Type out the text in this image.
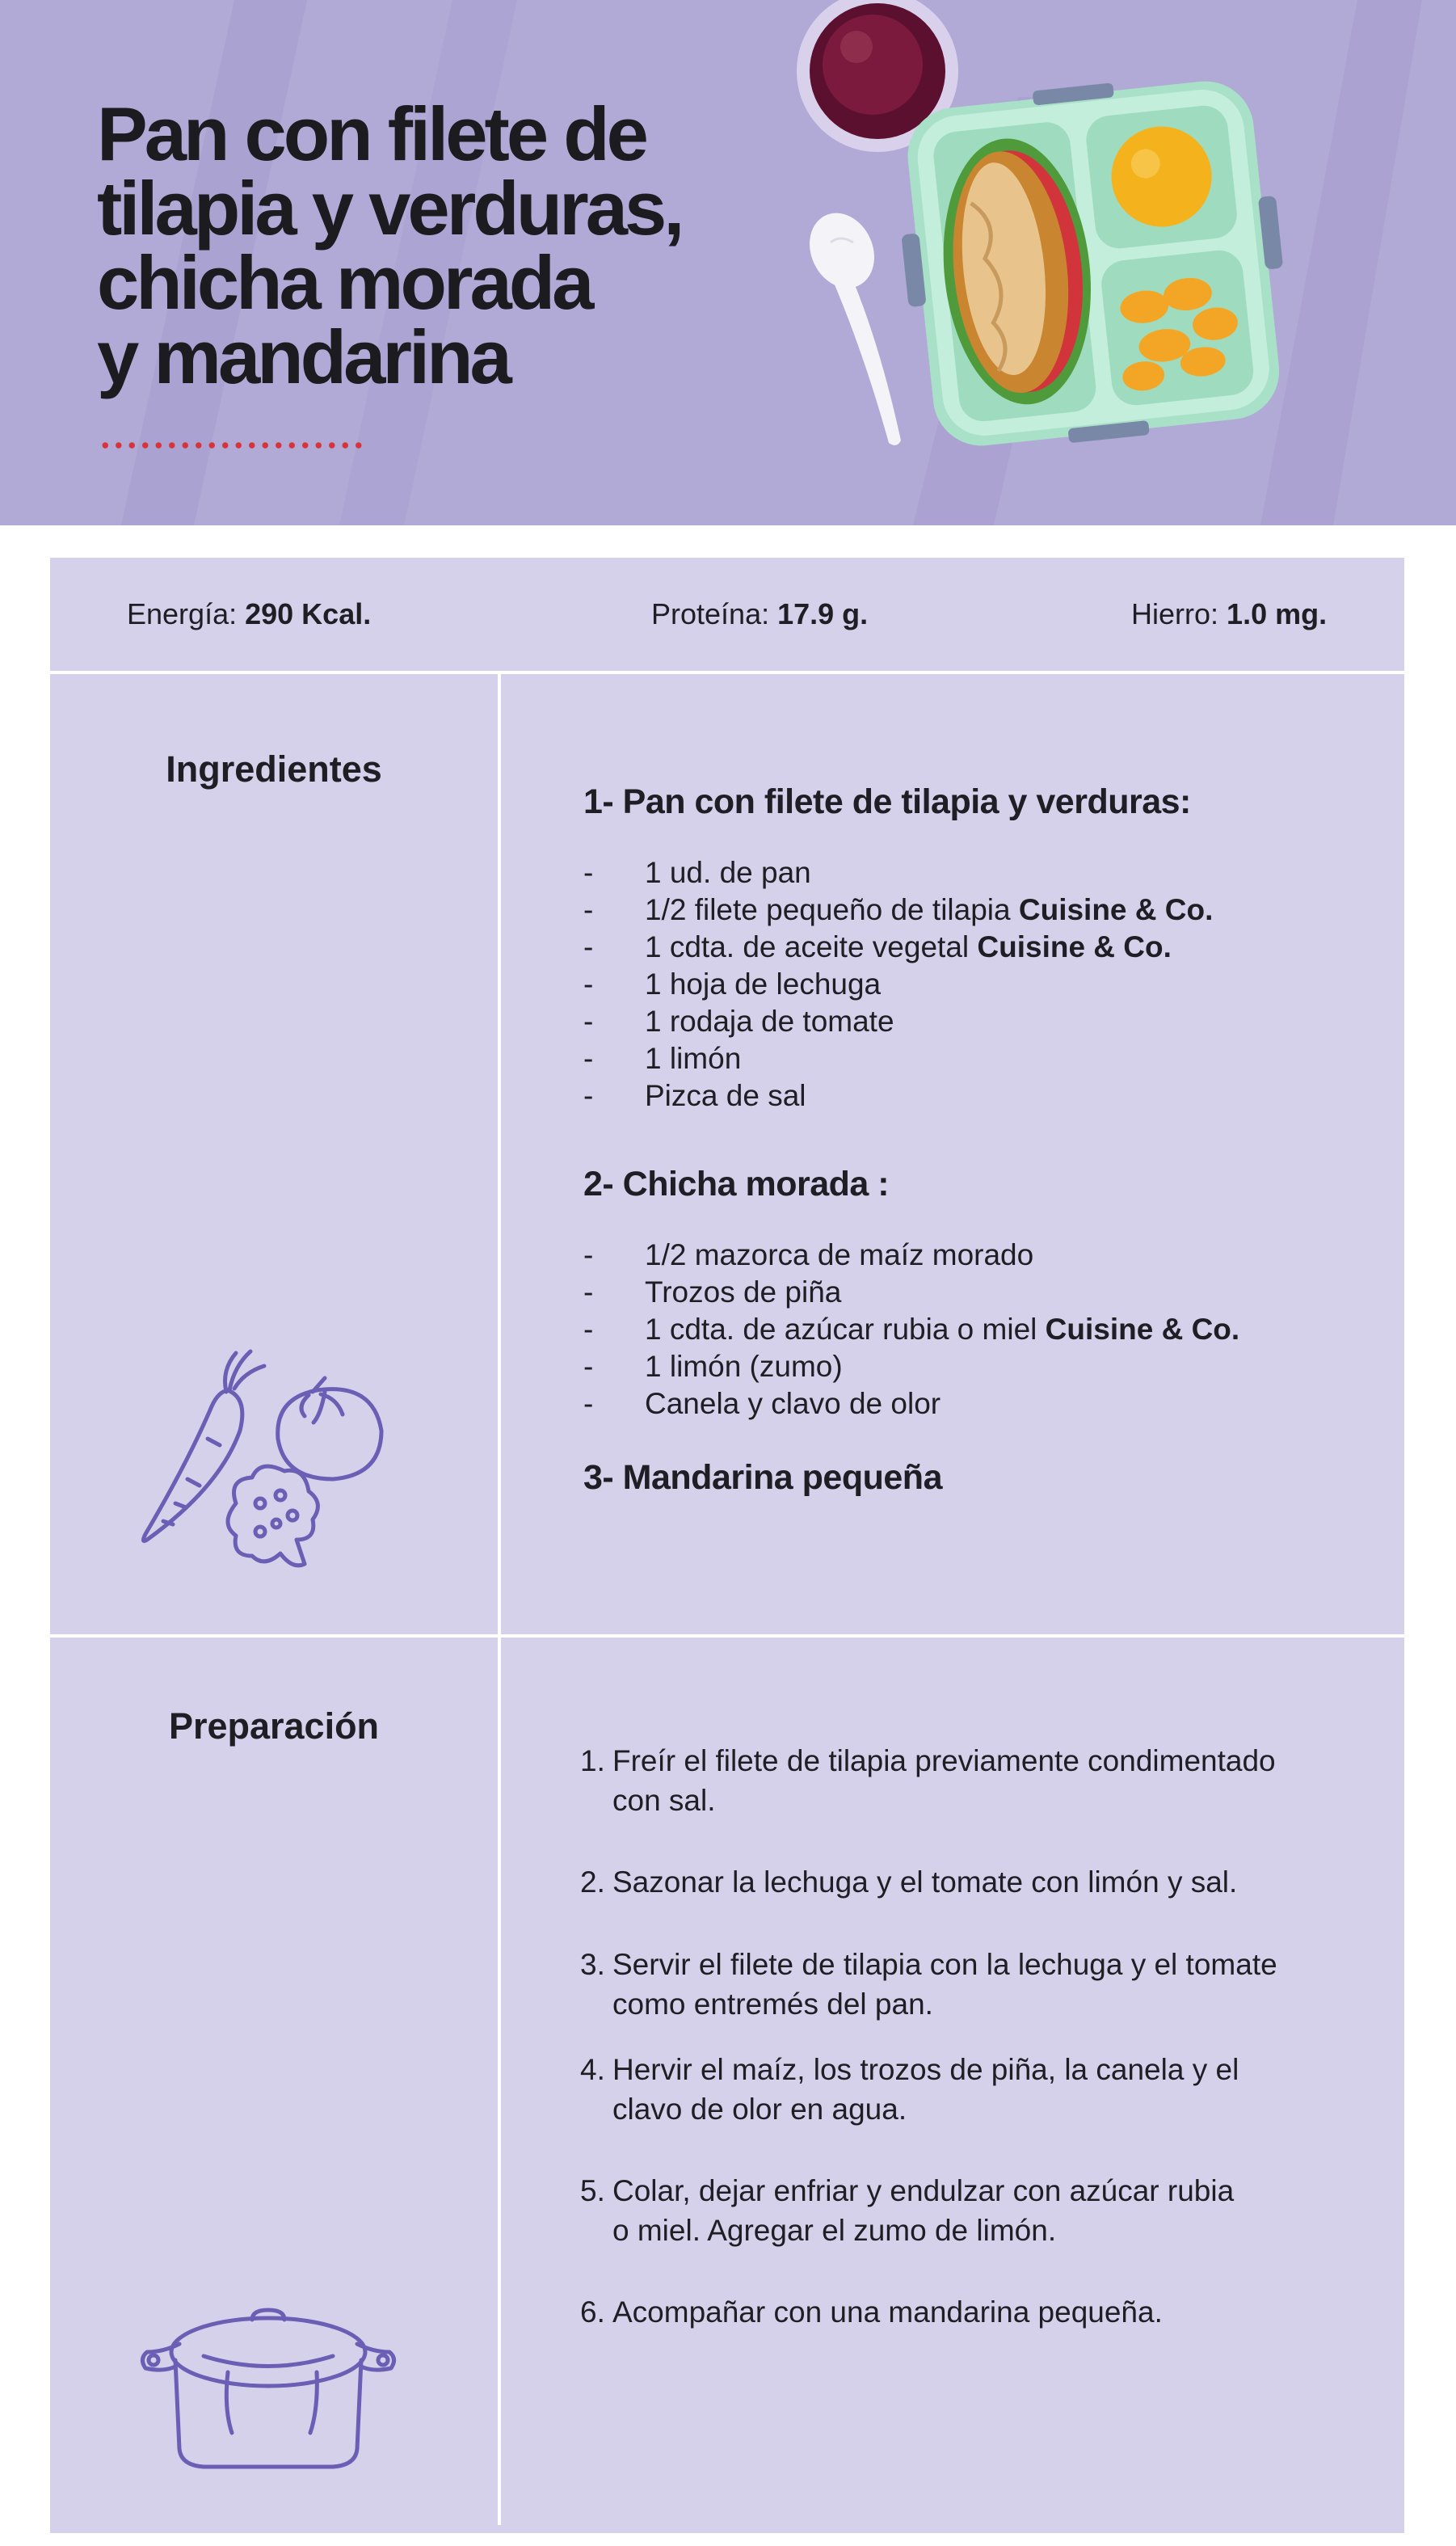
Pan con filete de
tilapia y verduras,
chicha morada
y mandarina
Energía: 290 Kcal.	Proteína: 17.9 g.	Hierro: 1.0 mg.
Ingredientes
1- Pan con filete de tilapia y verduras:
- 1 ud. de pan
- 1/2 filete pequeño de tilapia Cuisine & Co.
- 1 cdta. de aceite vegetal Cuisine & Co.
- 1 hoja de lechuga
- 1 rodaja de tomate
- 1 limón
- Pizca de sal
2- Chicha morada :
- 1/2 mazorca de maíz morado
- Trozos de piña
- 1 cdta. de azúcar rubia o miel Cuisine & Co.
- 1 limón (zumo)
- Canela y clavo de olor
3- Mandarina pequeña
Preparación
1. Freír el filete de tilapia previamente condimentado
con sal.
2. Sazonar la lechuga y el tomate con limón y sal.
3. Servir el filete de tilapia con la lechuga y el tomate
como entremés del pan.
4. Hervir el maíz, los trozos de piña, la canela y el
clavo de olor en agua.
5. Colar, dejar enfriar y endulzar con azúcar rubia
o miel. Agregar el zumo de limón.
6. Acompañar con una mandarina pequeña.
